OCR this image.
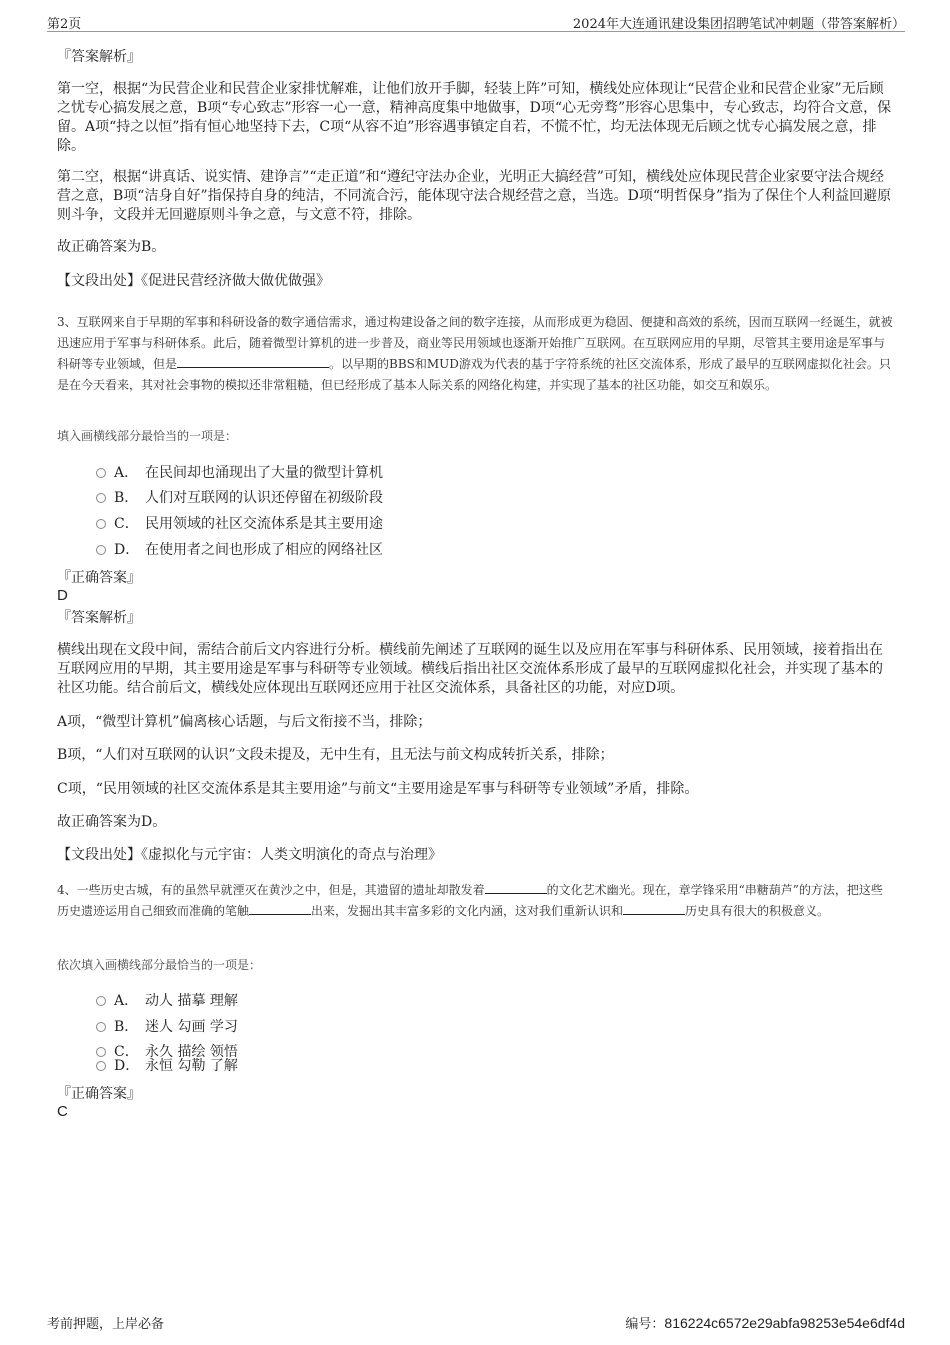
第2页	2024年大连通讯建设集团招聘笔试冲刺题（带答案解析）
『答案解析』
第一空，根据“为民营企业和民营企业家排忧解难，让他们放开手脚，轻装上阵”可知，横线处应体现让“民营企业和民营企业家”无后顾之忧专心搞发展之意，B项“专心致志”形容一心一意，精神高度集中地做事，D项“心无旁骛”形容心思集中，专心致志，均符合文意，保留。A项“持之以恒”指有恒心地坚持下去，C项“从容不迫”形容遇事镇定自若，不慌不忙，均无法体现无后顾之忧专心搞发展之意，排除。
第二空，根据“讲真话、说实情、建诤言”“走正道”和“遵纪守法办企业，光明正大搞经营”可知，横线处应体现民营企业家要守法合规经营之意，B项“洁身自好”指保持自身的纯洁，不同流合污，能体现守法合规经营之意，当选。D项“明哲保身”指为了保住个人利益回避原则斗争，文段并无回避原则斗争之意，与文意不符，排除。
故正确答案为B。
【文段出处】《促进民营经济做大做优做强》
3、互联网来自于早期的军事和科研设备的数字通信需求，通过构建设备之间的数字连接，从而形成更为稳固、便捷和高效的系统，因而互联网一经诞生，就被迅速应用于军事与科研体系。此后，随着微型计算机的进一步普及，商业等民用领域也逐渐开始推广互联网。在互联网应用的早期，尽管其主要用途是军事与科研等专业领域，但是	。以早期的BBS和MUD游戏为代表的基于字符系统的社区交流体系，形成了最早的互联网虚拟化社会。只是在今天看来，其对社会事物的模拟还非常粗糙，但已经形成了基本人际关系的网络化构建，并实现了基本的社区功能，如交互和娱乐。
填入画横线部分最恰当的一项是：
A． 在民间却也涌现出了大量的微型计算机
B． 人们对互联网的认识还停留在初级阶段
C． 民用领域的社区交流体系是其主要用途
D． 在使用者之间也形成了相应的网络社区
『正确答案』
D
『答案解析』
横线出现在文段中间，需结合前后文内容进行分析。横线前先阐述了互联网的诞生以及应用在军事与科研体系、民用领域，接着指出在互联网应用的早期，其主要用途是军事与科研等专业领域。横线后指出社区交流体系形成了最早的互联网虚拟化社会，并实现了基本的社区功能。结合前后文，横线处应体现出互联网还应用于社区交流体系，具备社区的功能，对应D项。
A项，“微型计算机”偏离核心话题，与后文衔接不当，排除；
B项，“人们对互联网的认识”文段未提及，无中生有，且无法与前文构成转折关系，排除；
C项，“民用领域的社区交流体系是其主要用途”与前文“主要用途是军事与科研等专业领域”矛盾，排除。
故正确答案为D。
【文段出处】《虚拟化与元宇宙：人类文明演化的奇点与治理》
4、一些历史古城，有的虽然早就湮灭在黄沙之中，但是，其遗留的遗址却散发着	的文化艺术幽光。现在，章学锋采用“串糖葫芦”的方法，把这些历史遗迹运用自己细致而准确的笔触	出来，发掘出其丰富多彩的文化内涵，这对我们重新认识和	历史具有很大的积极意义。
依次填入画横线部分最恰当的一项是：
A． 动人 描摹 理解
B． 迷人 勾画 学习
C． 永久 描绘 领悟
D． 永恒 勾勒 了解
『正确答案』
C
考前押题，上岸必备	编号：816224c6572e29abfa98253e54e6df4d
